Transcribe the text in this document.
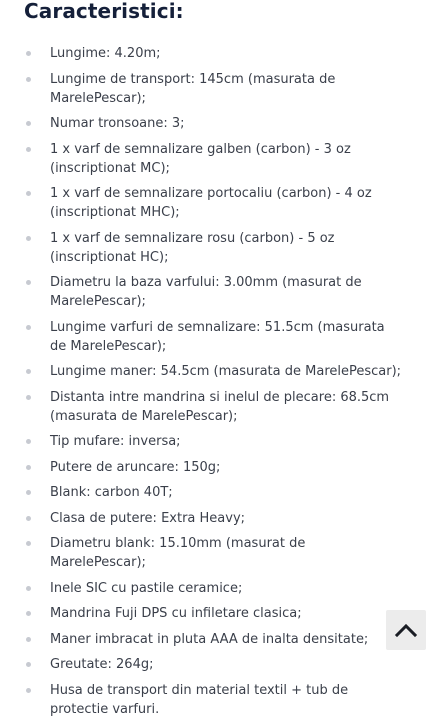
Caracteristici:
Lungime: 4.20m;
Lungime de transport: 145cm (masurata de MarelePescar);
Numar tronsoane: 3;
1 x varf de semnalizare galben (carbon) - 3 oz (inscriptionat MC);
1 x varf de semnalizare portocaliu (carbon) - 4 oz (inscriptionat MHC);
1 x varf de semnalizare rosu (carbon) - 5 oz (inscriptionat HC);
Diametru la baza varfului: 3.00mm (masurat de MarelePescar);
Lungime varfuri de semnalizare: 51.5cm (masurata de MarelePescar);
Lungime maner: 54.5cm (masurata de MarelePescar);
Distanta intre mandrina si inelul de plecare: 68.5cm (masurata de MarelePescar);
Tip mufare: inversa;
Putere de aruncare: 150g;
Blank: carbon 40T;
Clasa de putere: Extra Heavy;
Diametru blank: 15.10mm (masurat de MarelePescar);
Inele SIC cu pastile ceramice;
Mandrina Fuji DPS cu infiletare clasica;
Maner imbracat in pluta AAA de inalta densitate;
Greutate: 264g;
Husa de transport din material textil + tub de protectie varfuri.
